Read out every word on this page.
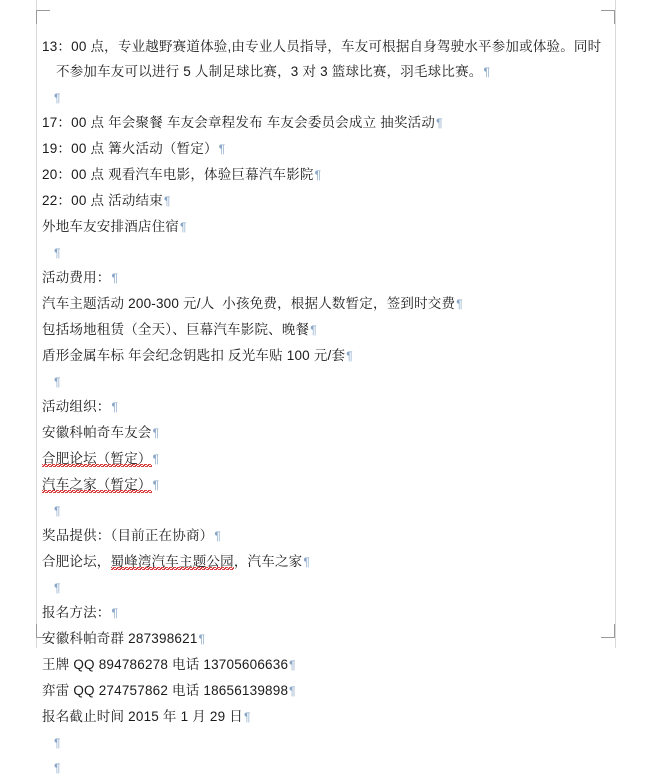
13：00 点，专业越野赛道体验,由专业人员指导，车友可根据自身驾驶水平参加或体验。同时不参加车友可以进行 5 人制足球比赛，3 对 3 篮球比赛，羽毛球比赛。¶
¶
17：00 点 年会聚餐 车友会章程发布 车友会委员会成立 抽奖活动¶
19：00 点 篝火活动（暂定）¶
20：00 点 观看汽车电影，体验巨幕汽车影院¶
22：00 点 活动结束¶
外地车友安排酒店住宿¶
¶
活动费用：¶
汽车主题活动 200-300 元/人  小孩免费，根据人数暂定，签到时交费¶
包括场地租赁（全天）、巨幕汽车影院、晚餐¶
盾形金属车标 年会纪念钥匙扣 反光车贴 100 元/套¶
¶
活动组织：¶
安徽科帕奇车友会¶
合肥论坛（暂定）¶
汽车之家（暂定）¶
¶
奖品提供：（目前正在协商）¶
合肥论坛，蜀峰湾汽车主题公园，汽车之家¶
¶
报名方法：¶
安徽科帕奇群 287398621¶
王牌 QQ 894786278 电话 13705606636¶
弈雷 QQ 274757862 电话 18656139898¶
报名截止时间 2015 年 1 月 29 日¶
¶
¶
